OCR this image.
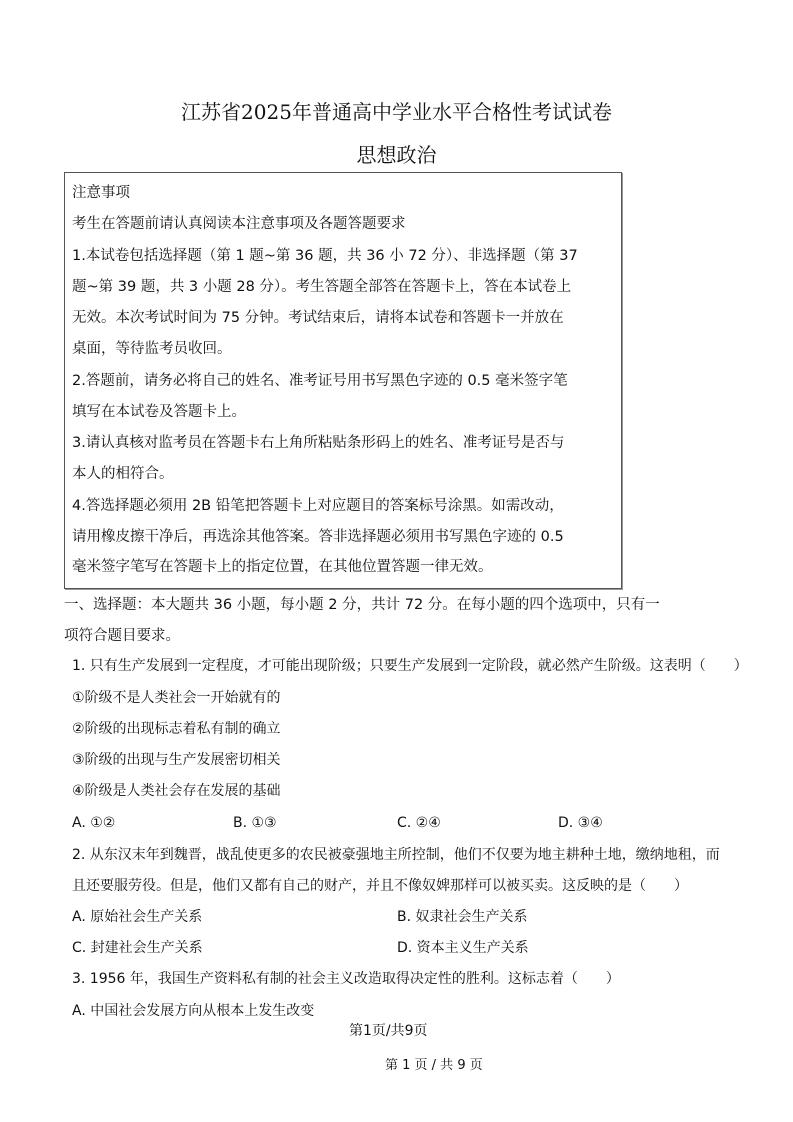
江苏省2025年普通高中学业水平合格性考试试卷
思想政治
注意事项
考生在答题前请认真阅读本注意事项及各题答题要求
1.本试卷包括选择题（第 1 题~第 36 题，共 36 小 72 分）、非选择题（第 37
题~第 39 题，共 3 小题 28 分）。考生答题全部答在答题卡上，答在本试卷上
无效。本次考试时间为 75 分钟。考试结束后，请将本试卷和答题卡一并放在
桌面，等待监考员收回。
2.答题前，请务必将自己的姓名、准考证号用书写黑色字迹的 0.5 毫米签字笔
填写在本试卷及答题卡上。
3.请认真核对监考员在答题卡右上角所粘贴条形码上的姓名、准考证号是否与
本人的相符合。
4.答选择题必须用 2B 铅笔把答题卡上对应题目的答案标号涂黑。如需改动，
请用橡皮擦干净后，再选涂其他答案。答非选择题必须用书写黑色字迹的 0.5
毫米签字笔写在答题卡上的指定位置，在其他位置答题一律无效。
一、选择题：本大题共 36 小题，每小题 2 分，共计 72 分。在每小题的四个选项中，只有一
项符合题目要求。
1. 只有生产发展到一定程度，才可能出现阶级；只要生产发展到一定阶段，就必然产生阶级。这表明（　　）
①阶级不是人类社会一开始就有的
②阶级的出现标志着私有制的确立
③阶级的出现与生产发展密切相关
④阶级是人类社会存在发展的基础
A. ①②	B. ①③	C. ②④	D. ③④
2. 从东汉末年到魏晋，战乱使更多的农民被豪强地主所控制，他们不仅要为地主耕种土地，缴纳地租，而
且还要服劳役。但是，他们又都有自己的财产，并且不像奴婢那样可以被买卖。这反映的是（　　）
A. 原始社会生产关系	B. 奴隶社会生产关系
C. 封建社会生产关系	D. 资本主义生产关系
3. 1956 年，我国生产资料私有制的社会主义改造取得决定性的胜利。这标志着（　　）
A. 中国社会发展方向从根本上发生改变
第1页/共9页
第 1 页 / 共 9 页
